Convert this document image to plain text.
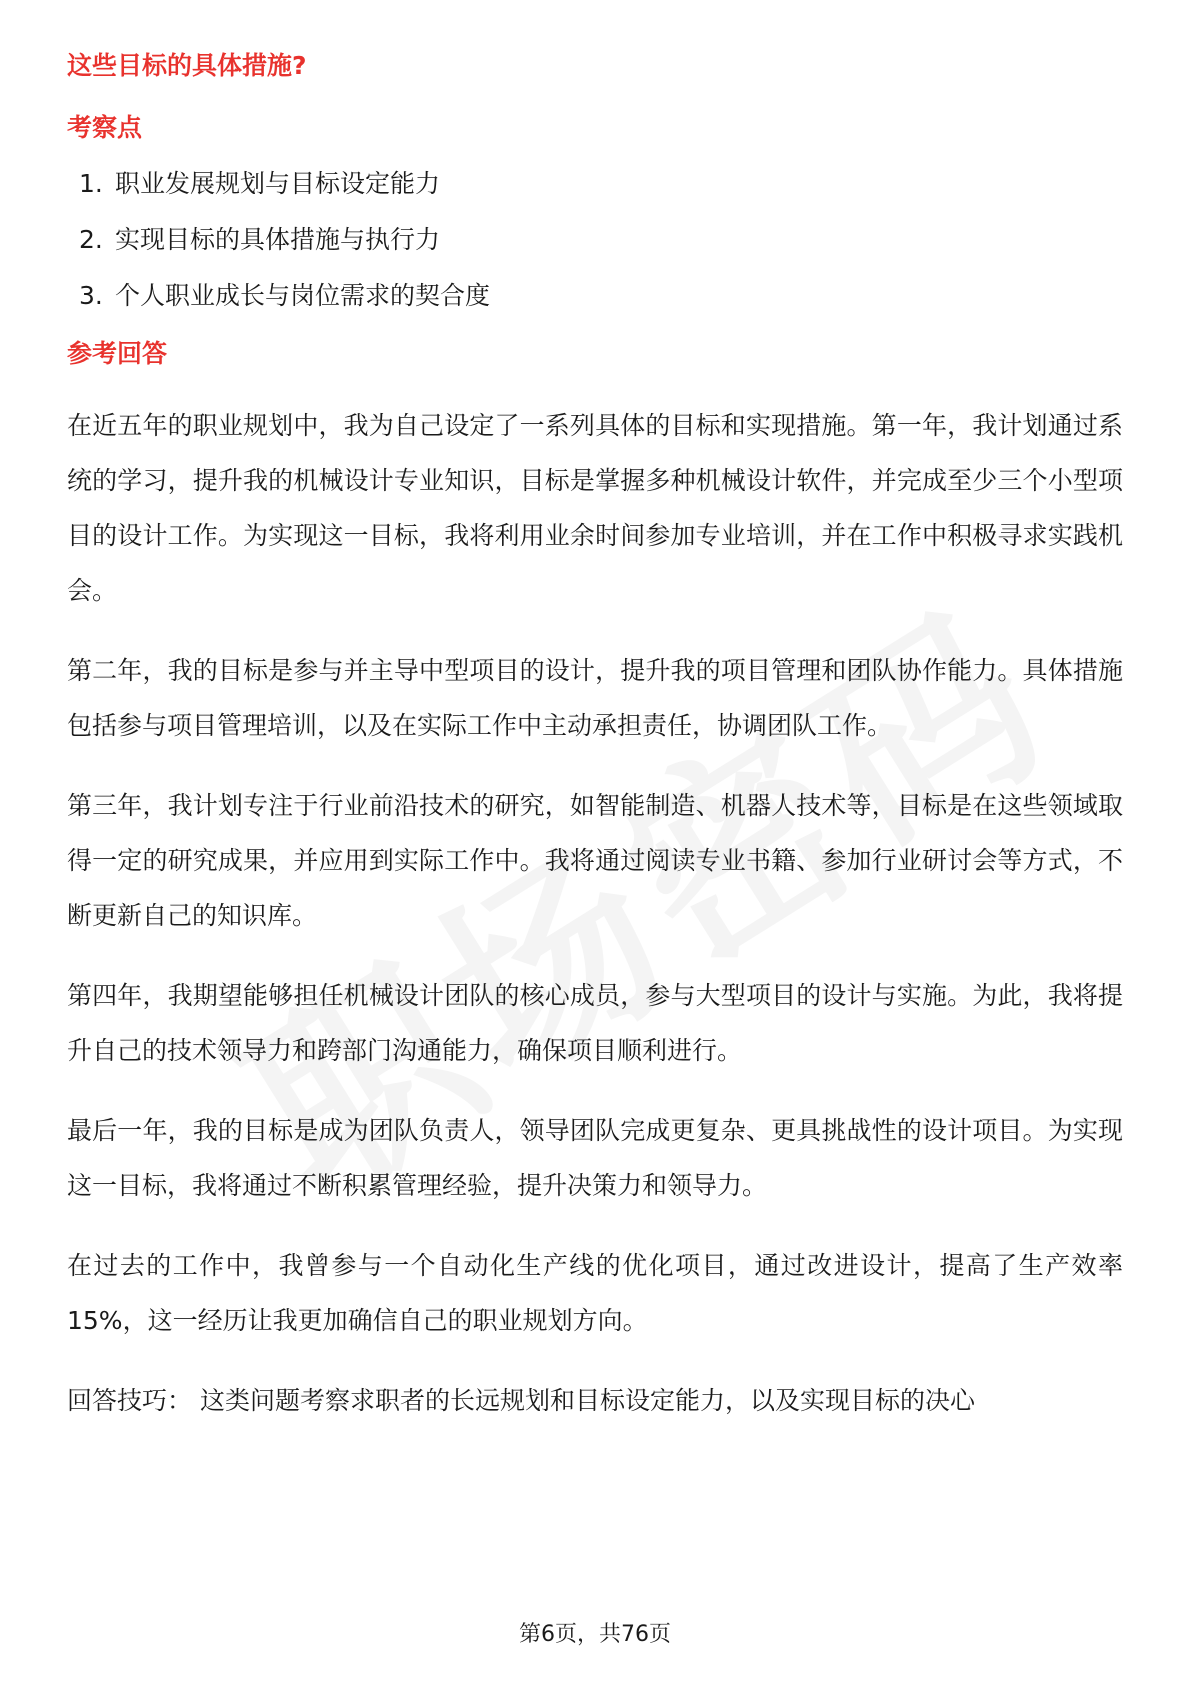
这些目标的具体措施?
考察点
1. 职业发展规划与目标设定能力
2. 实现目标的具体措施与执行力
3. 个人职业成长与岗位需求的契合度
参考回答

在近五年的职业规划中，我为自己设定了一系列具体的目标和实现措施。第一年，我计划通过系统的学习，提升我的机械设计专业知识，目标是掌握多种机械设计软件，并完成至少三个小型项目的设计工作。为实现这一目标，我将利用业余时间参加专业培训，并在工作中积极寻求实践机会。

第二年，我的目标是参与并主导中型项目的设计，提升我的项目管理和团队协作能力。具体措施包括参与项目管理培训，以及在实际工作中主动承担责任，协调团队工作。

第三年，我计划专注于行业前沿技术的研究，如智能制造、机器人技术等，目标是在这些领域取得一定的研究成果，并应用到实际工作中。我将通过阅读专业书籍、参加行业研讨会等方式，不断更新自己的知识库。

第四年，我期望能够担任机械设计团队的核心成员，参与大型项目的设计与实施。为此，我将提升自己的技术领导力和跨部门沟通能力，确保项目顺利进行。

最后一年，我的目标是成为团队负责人，领导团队完成更复杂、更具挑战性的设计项目。为实现这一目标，我将通过不断积累管理经验，提升决策力和领导力。

在过去的工作中，我曾参与一个自动化生产线的优化项目，通过改进设计，提高了生产效率15%，这一经历让我更加确信自己的职业规划方向。

回答技巧： 这类问题考察求职者的长远规划和目标设定能力，以及实现目标的决心

第6页，共76页
